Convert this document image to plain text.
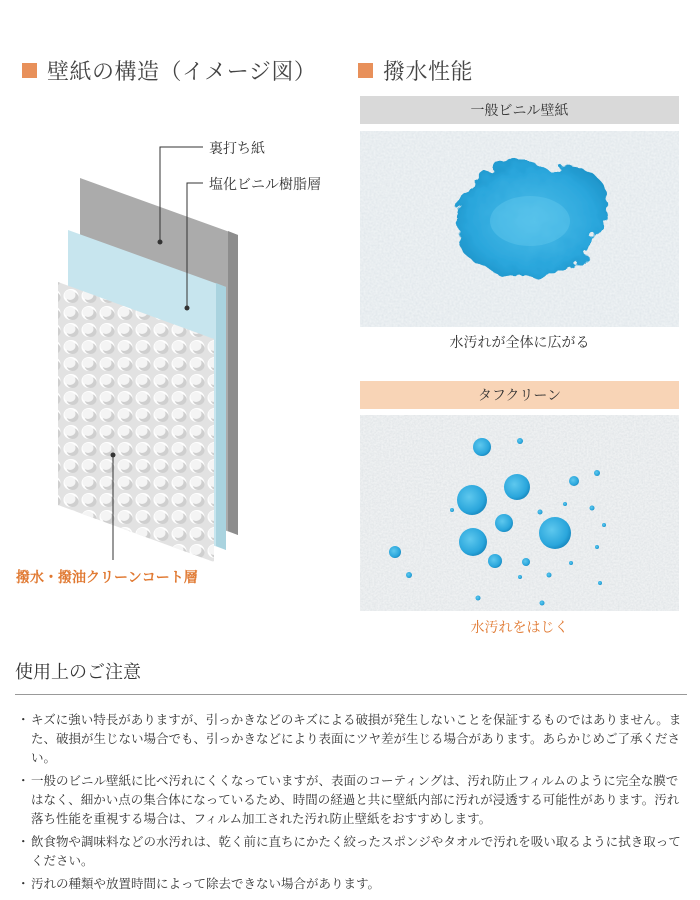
壁紙の構造（イメージ図）
裏打ち紙
塩化ビニル樹脂層
撥水・撥油クリーンコート層
撥水性能
一般ビニル壁紙
水汚れが全体に広がる
タフクリーン
水汚れをはじく
使用上のご注意
・ キズに強い特長がありますが、引っかきなどのキズによる破損が発生しないことを保証するものではありません。また、破損が生じない場合でも、引っかきなどにより表面にツヤ差が生じる場合があります。あらかじめご了承ください。
・ 一般のビニル壁紙に比べ汚れにくくなっていますが、表面のコーティングは、汚れ防止フィルムのように完全な膜ではなく、細かい点の集合体になっているため、時間の経過と共に壁紙内部に汚れが浸透する可能性があります。汚れ落ち性能を重視する場合は、フィルム加工された汚れ防止壁紙をおすすめします。
・ 飲食物や調味料などの水汚れは、乾く前に直ちにかたく絞ったスポンジやタオルで汚れを吸い取るように拭き取ってください。
・ 汚れの種類や放置時間によって除去できない場合があります。
